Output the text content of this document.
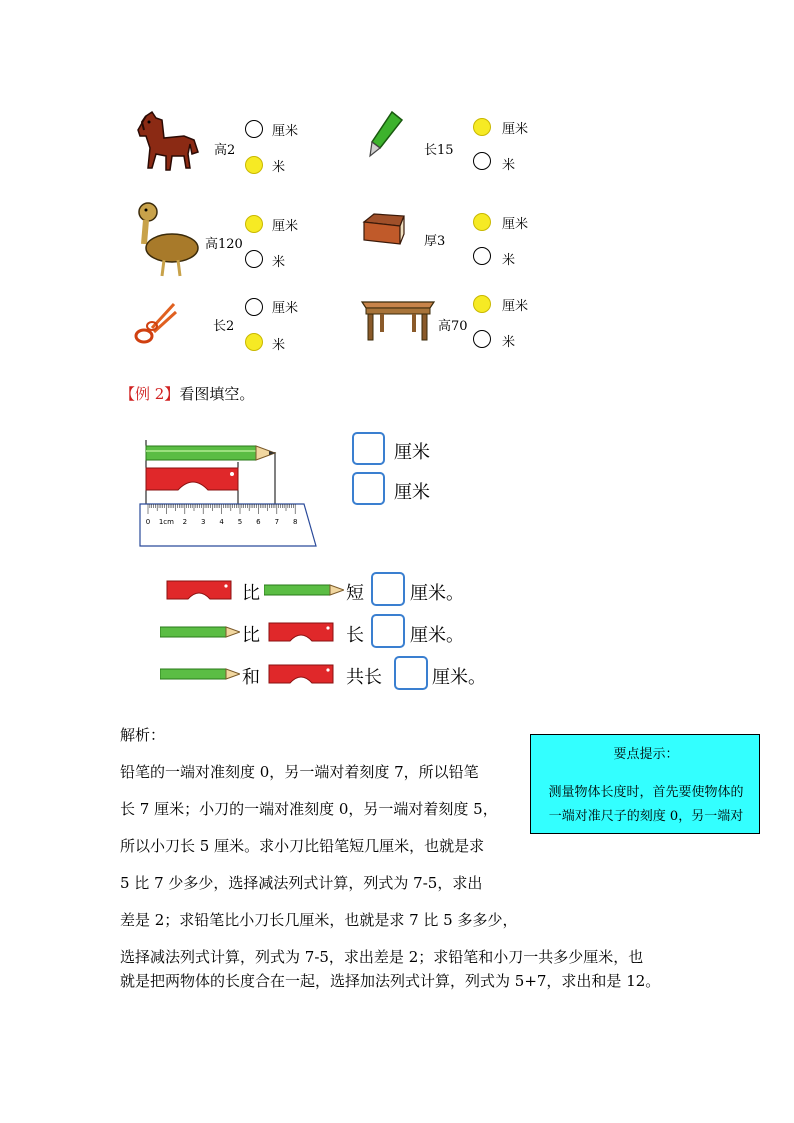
高2
厘米
米
长15
厘米
米
高120
厘米
米
厚3
厘米
米
长2
厘米
米
高70
厘米
米
【例 2】看图填空。
0 1cm 2 3 4 5 6 7 8
厘米
厘米
比	短	厘米。
比	长	厘米。
和	共长	厘米。
解析：
铅笔的一端对准刻度 0，另一端对着刻度 7，所以铅笔
长 7 厘米；小刀的一端对准刻度 0，另一端对着刻度 5，
所以小刀长 5 厘米。求小刀比铅笔短几厘米，也就是求
5 比 7 少多少，选择减法列式计算，列式为 7-5，求出
差是 2；求铅笔比小刀长几厘米，也就是求 7 比 5 多多少，
选择减法列式计算，列式为 7-5，求出差是 2；求铅笔和小刀一共多少厘米，也
就是把两物体的长度合在一起，选择加法列式计算，列式为 5+7，求出和是 12。
要点提示：
测量物体长度时，首先要使物体的
一端对准尺子的刻度 0，另一端对
